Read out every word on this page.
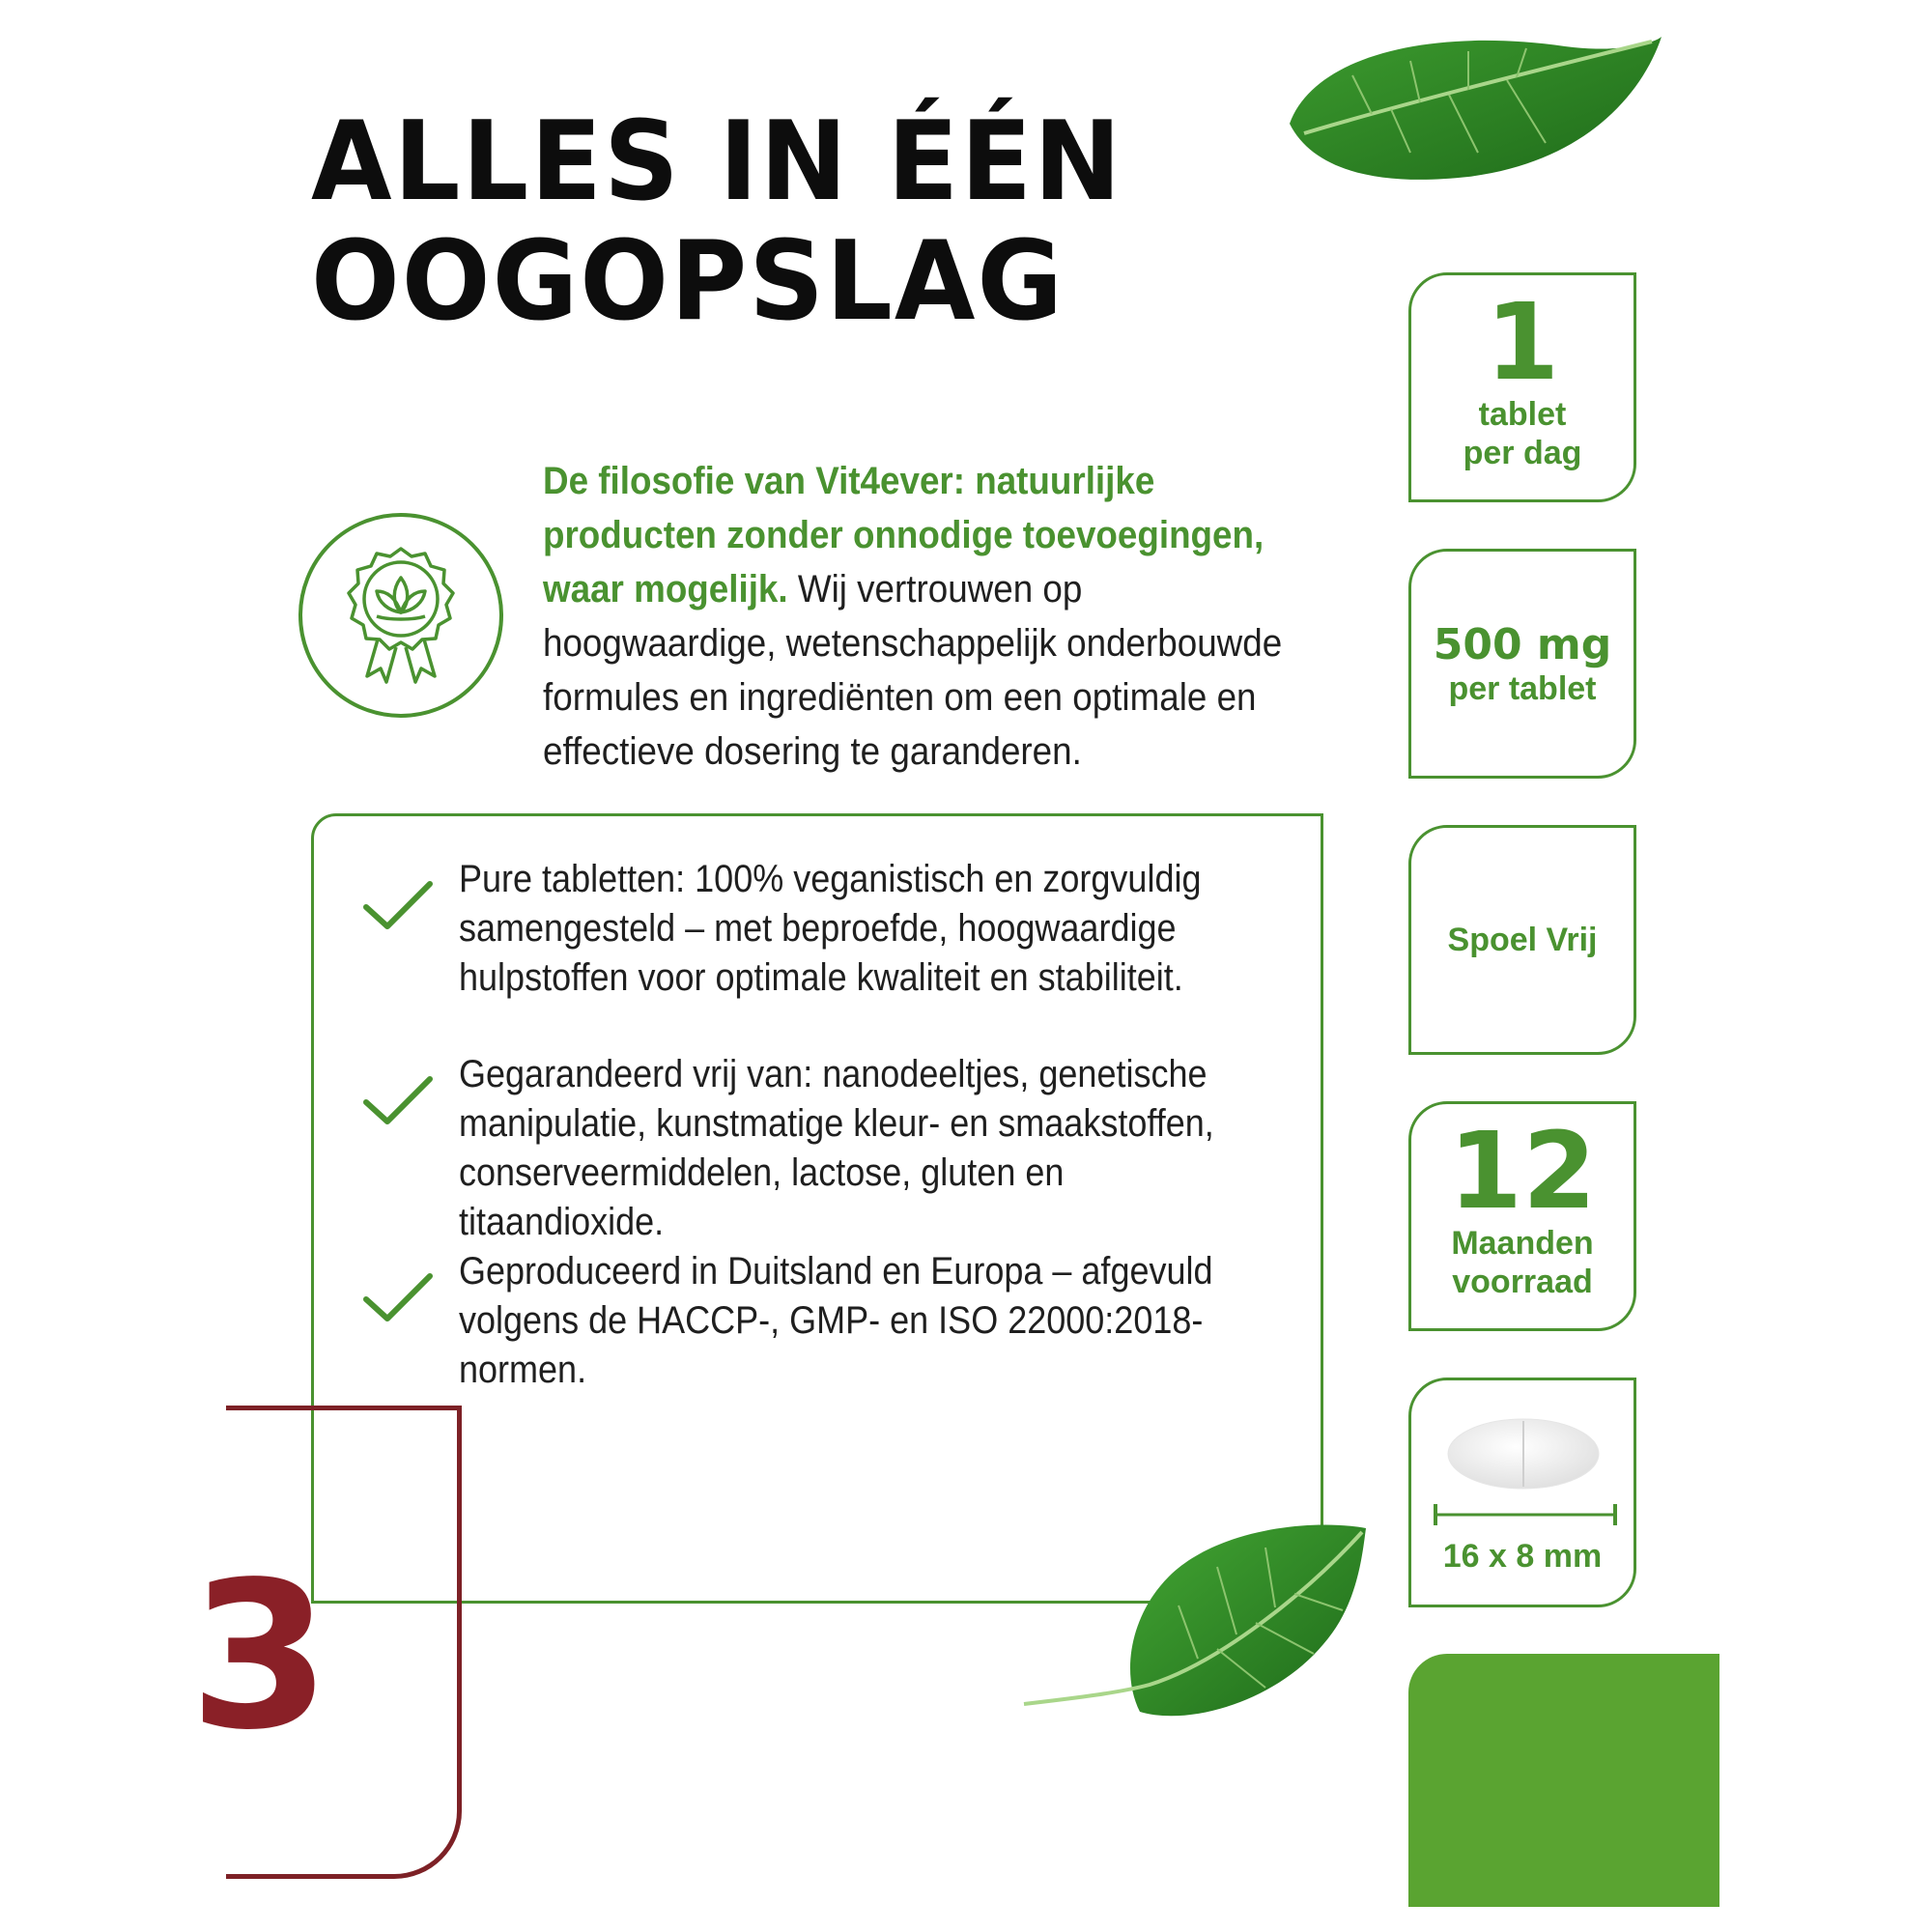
ALLES IN ÉÉN
OOGOPSLAG

De filosofie van Vit4ever: natuurlijke producten zonder onnodige toevoegingen, waar mogelijk. Wij vertrouwen op hoogwaardige, wetenschappelijk onderbouwde formules en ingrediënten om een optimale en effectieve dosering te garanderen.

Pure tabletten: 100% veganistisch en zorgvuldig samengesteld – met beproefde, hoogwaardige hulpstoffen voor optimale kwaliteit en stabiliteit.

Gegarandeerd vrij van: nanodeeltjes, genetische manipulatie, kunstmatige kleur- en smaakstoffen, conserveermiddelen, lactose, gluten en titaandioxide.

Geproduceerd in Duitsland en Europa – afgevuld volgens de HACCP-, GMP- en ISO 22000:2018-normen.

3
1
tablet
per dag
500 mg
per tablet
Spoel Vrij
12
Maanden
voorraad
16 x 8 mm
